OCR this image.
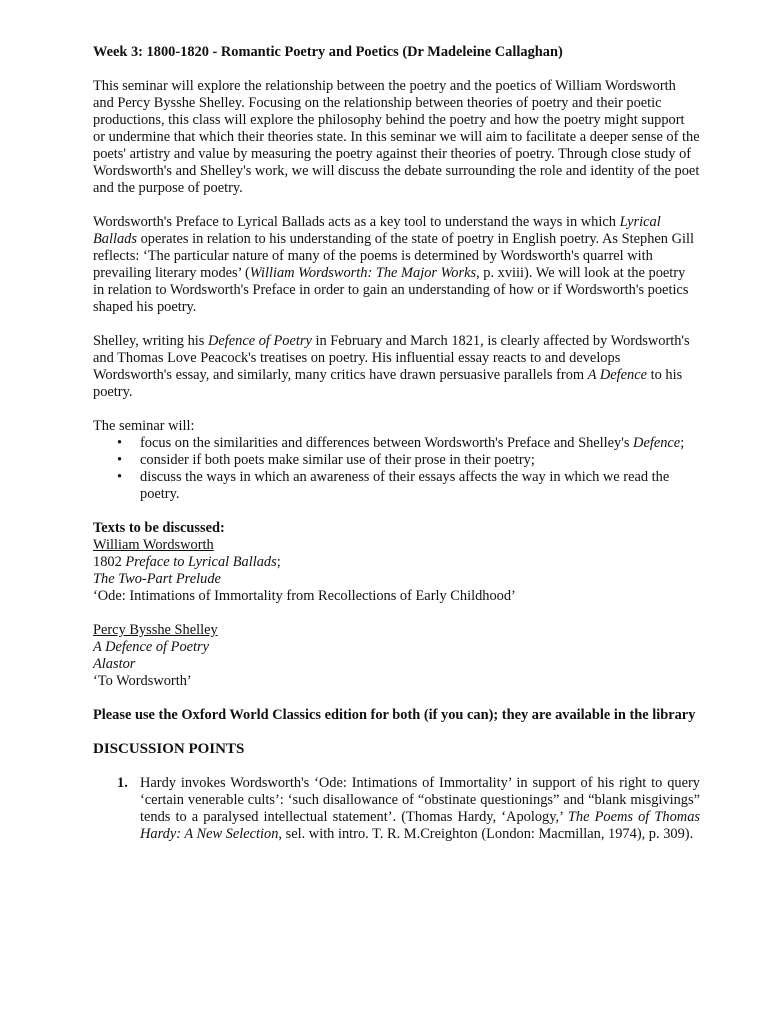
Week 3: 1800-1820 - Romantic Poetry and Poetics (Dr Madeleine Callaghan)

This seminar will explore the relationship between the poetry and the poetics of William Wordsworth and Percy Bysshe Shelley. Focusing on the relationship between theories of poetry and their poetic productions, this class will explore the philosophy behind the poetry and how the poetry might support or undermine that which their theories state. In this seminar we will aim to facilitate a deeper sense of the poets' artistry and value by measuring the poetry against their theories of poetry. Through close study of Wordsworth's and Shelley's work, we will discuss the debate surrounding the role and identity of the poet and the purpose of poetry.

Wordsworth's Preface to Lyrical Ballads acts as a key tool to understand the ways in which Lyrical Ballads operates in relation to his understanding of the state of poetry in English poetry. As Stephen Gill reflects: ‘The particular nature of many of the poems is determined by Wordsworth's quarrel with prevailing literary modes’ (William Wordsworth: The Major Works, p. xviii). We will look at the poetry in relation to Wordsworth's Preface in order to gain an understanding of how or if Wordsworth's poetics shaped his poetry.

Shelley, writing his Defence of Poetry in February and March 1821, is clearly affected by Wordsworth's and Thomas Love Peacock's treatises on poetry. His influential essay reacts to and develops Wordsworth's essay, and similarly, many critics have drawn persuasive parallels from A Defence to his poetry.

The seminar will:

• focus on the similarities and differences between Wordsworth's Preface and Shelley's Defence;
• consider if both poets make similar use of their prose in their poetry;
• discuss the ways in which an awareness of their essays affects the way in which we read the poetry.

Texts to be discussed:

William Wordsworth

1802 Preface to Lyrical Ballads;

The Two-Part Prelude

‘Ode: Intimations of Immortality from Recollections of Early Childhood’

Percy Bysshe Shelley

A Defence of Poetry

Alastor

‘To Wordsworth’

Please use the Oxford World Classics edition for both (if you can); they are available in the library

DISCUSSION POINTS

1. Hardy invokes Wordsworth's ‘Ode: Intimations of Immortality’ in support of his right to query ‘certain venerable cults’: ‘such disallowance of “obstinate questionings” and “blank misgivings” tends to a paralysed intellectual statement’. (Thomas Hardy, ‘Apology,’ The Poems of Thomas Hardy: A New Selection, sel. with intro. T. R. M.Creighton (London: Macmillan, 1974), p. 309).
